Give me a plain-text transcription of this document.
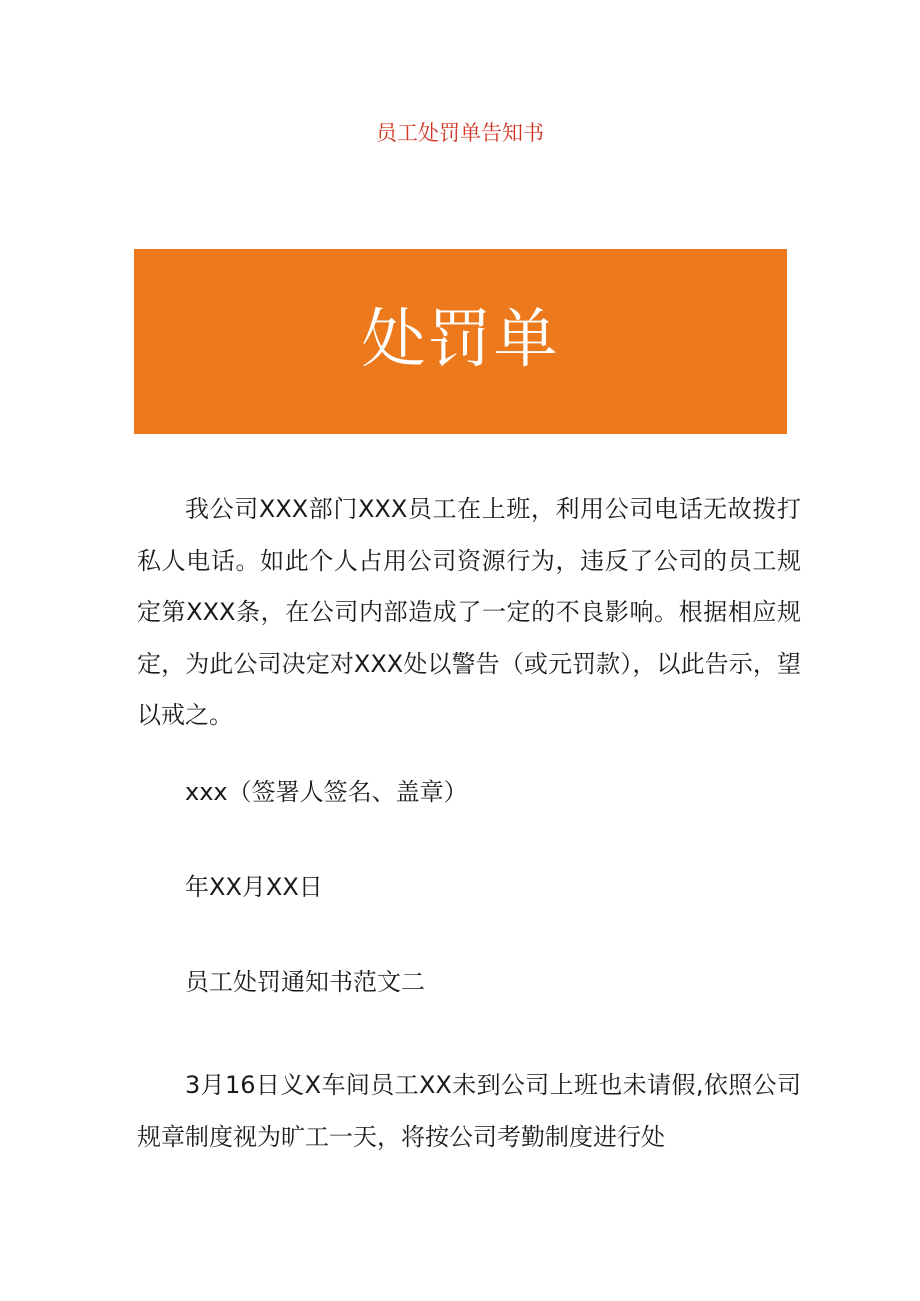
员工处罚单告知书
处罚单

我公司XXX部门XXX员工在上班，利用公司电话无故拨打私人电话。如此个人占用公司资源行为，违反了公司的员工规定第XXX条，在公司内部造成了一定的不良影响。根据相应规定，为此公司决定对XXX处以警告（或元罚款），以此告示，望以戒之。

xxx（签署人签名、盖章）

年XX月XX日

员工处罚通知书范文二

3月16日义X车间员工XX未到公司上班也未请假,依照公司规章制度视为旷工一天，将按公司考勤制度进行处
